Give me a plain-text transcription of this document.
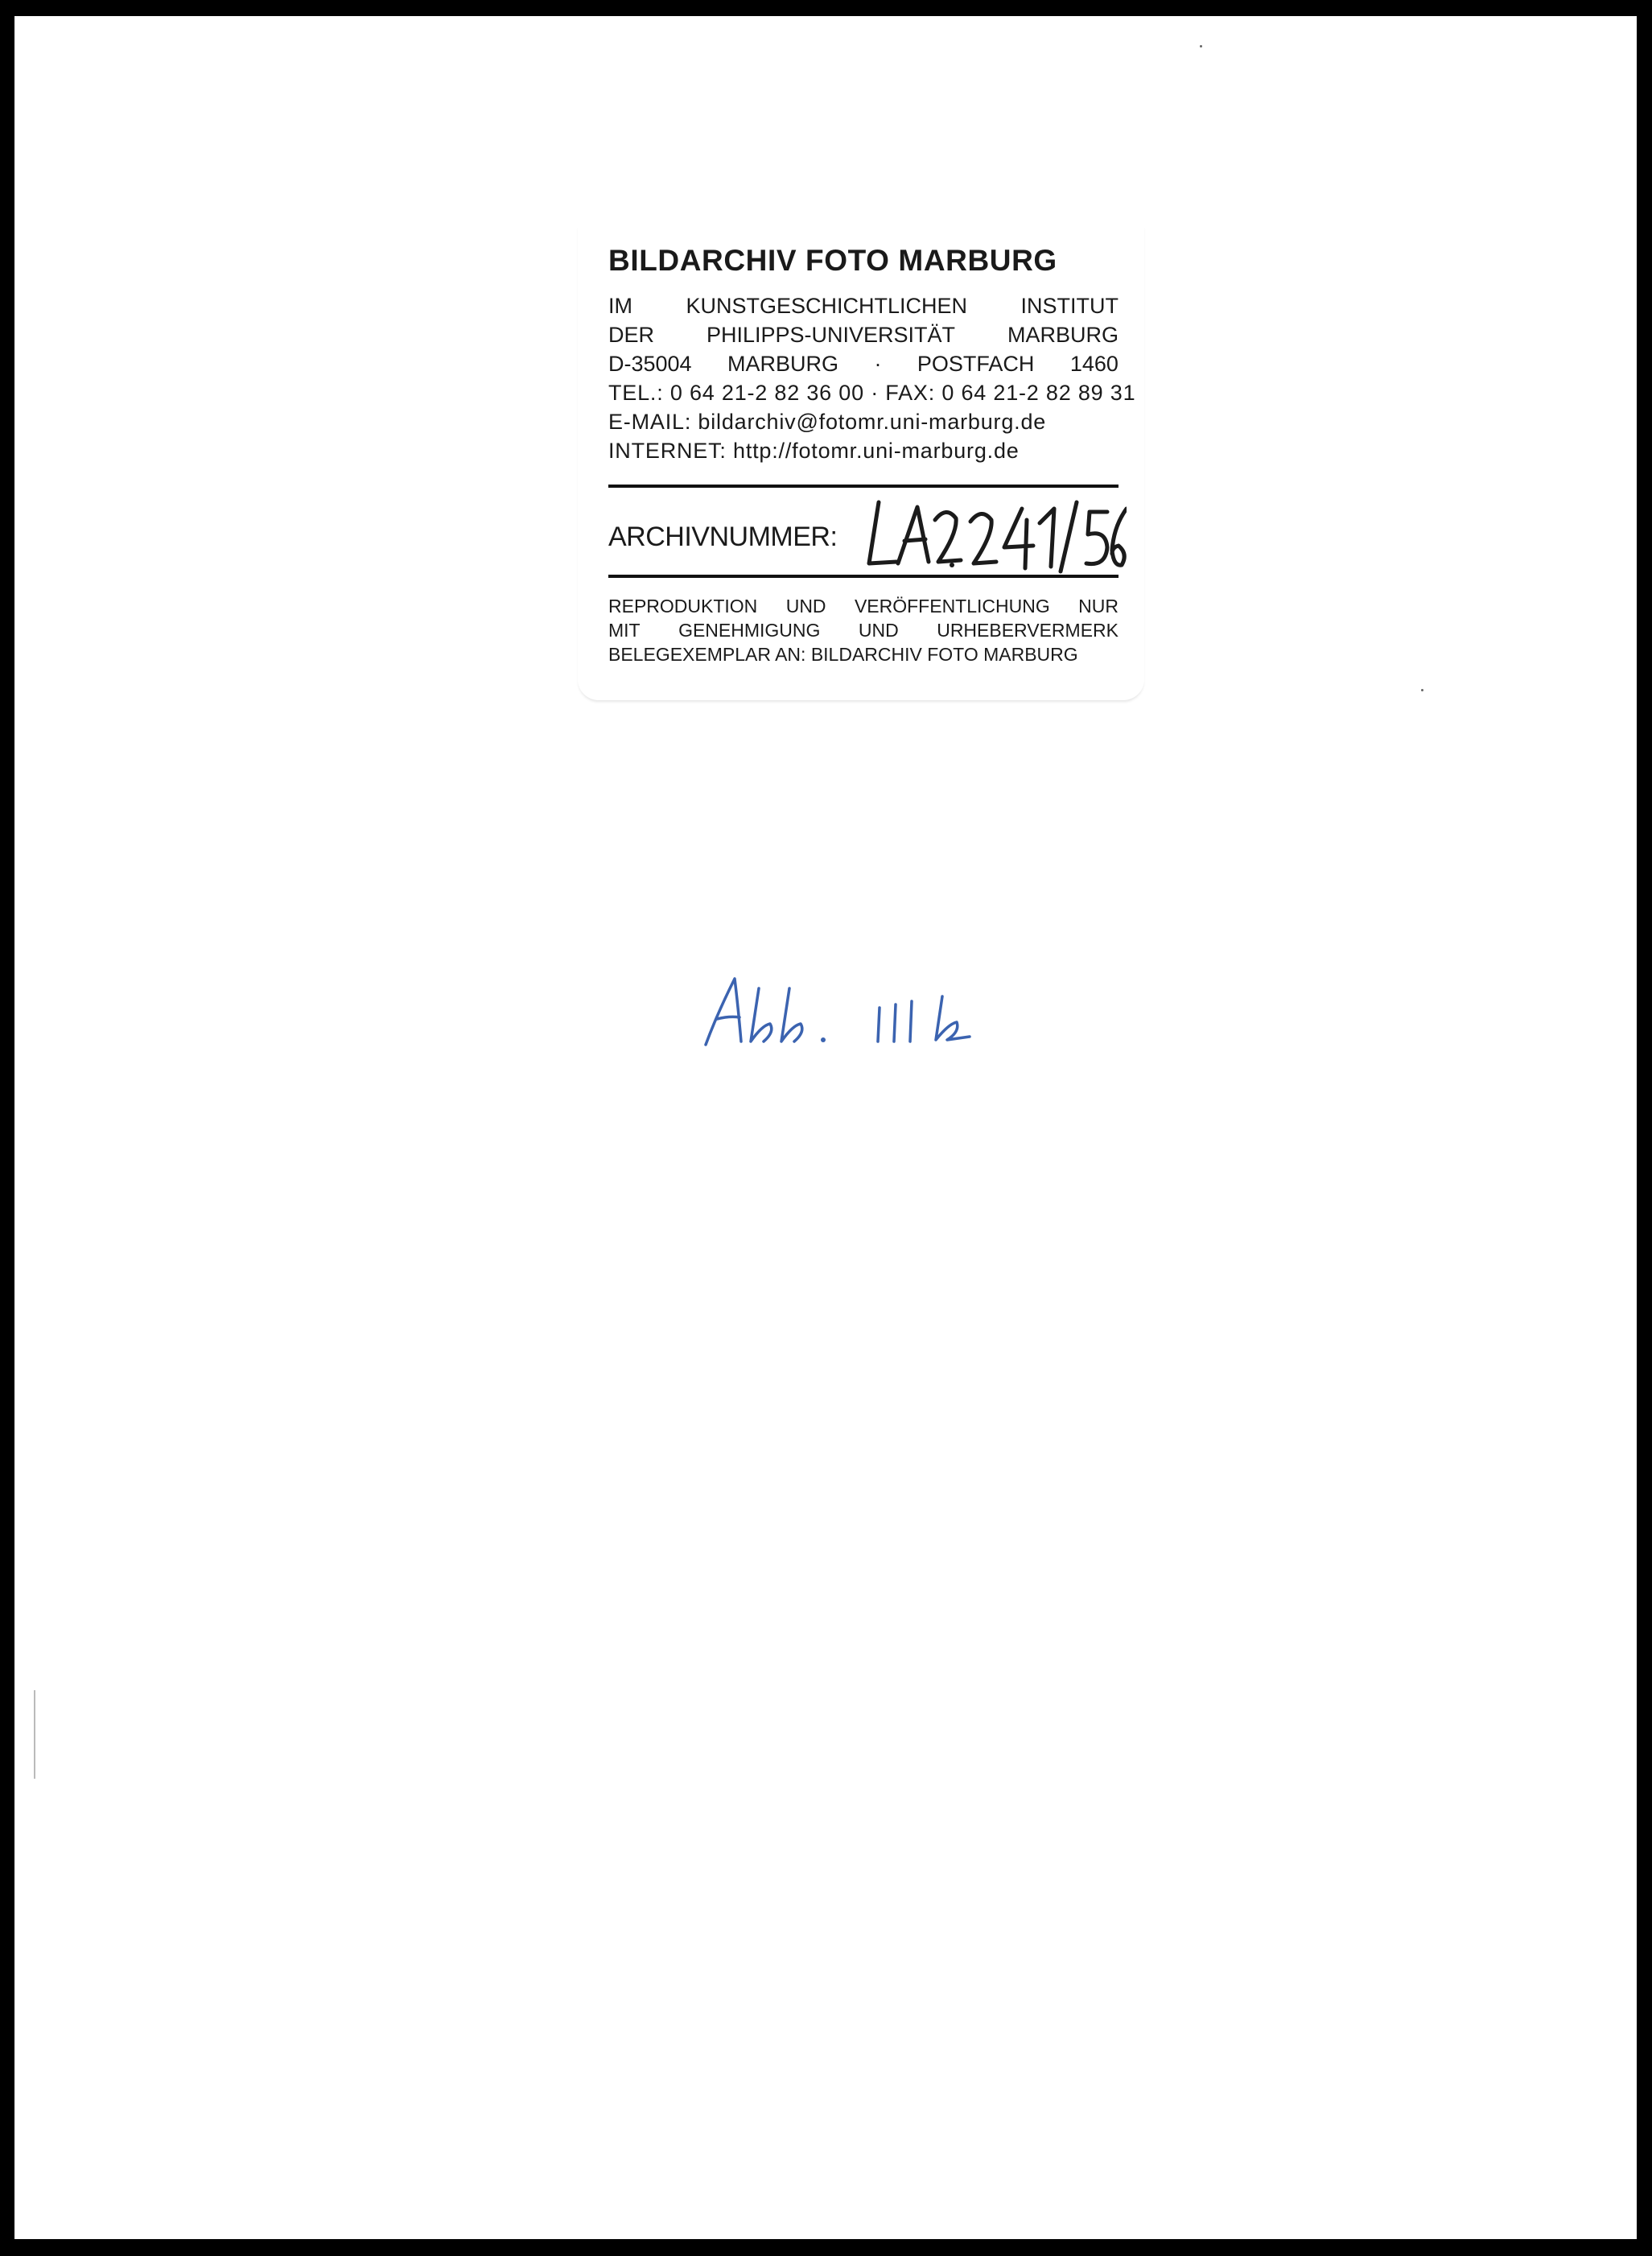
BILDARCHIV FOTO MARBURG
IM KUNSTGESCHICHTLICHEN INSTITUT
DER PHILIPPS-UNIVERSITÄT MARBURG
D-35004 MARBURG · POSTFACH 1460
TEL.: 0 64 21-2 82 36 00 · FAX: 0 64 21-2 82 89 31
E-MAIL: bildarchiv@fotomr.uni-marburg.de
INTERNET: http://fotomr.uni-marburg.de
ARCHIVNUMMER:
REPRODUKTION UND VERÖFFENTLICHUNG NUR
MIT GENEHMIGUNG UND URHEBERVERMERK
BELEGEXEMPLAR AN: BILDARCHIV FOTO MARBURG
